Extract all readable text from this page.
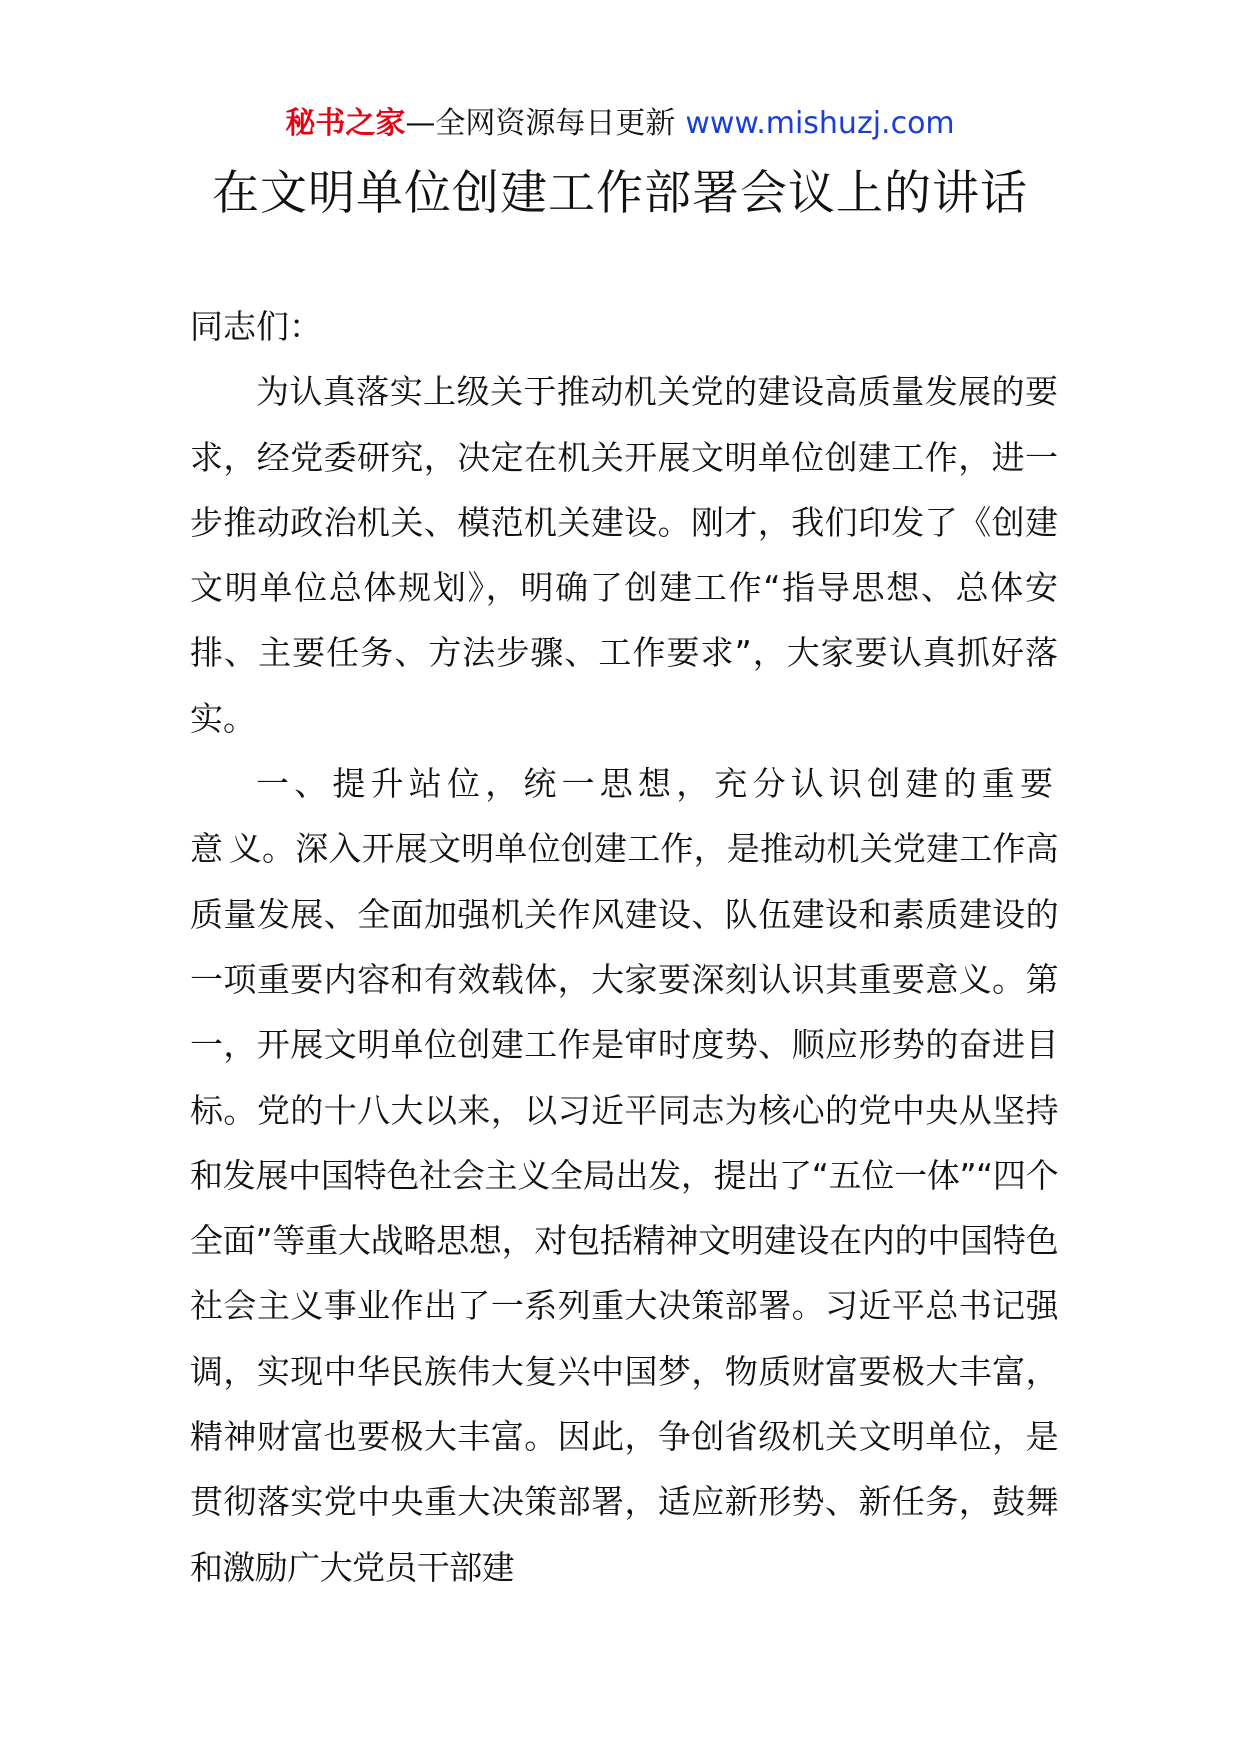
秘书之家—全网资源每日更新 www.mishuzj.com
在文明单位创建工作部署会议上的讲话

同志们：

为认真落实上级关于推动机关党的建设高质量发展的要求，经党委研究，决定在机关开展文明单位创建工作，进一步推动政治机关、模范机关建设。刚才，我们印发了《创建文明单位总体规划》，明确了创建工作“指导思想、总体安排、主要任务、方法步骤、工作要求”，大家要认真抓好落实。

一、提升站位，统一思想，充分认识创建的重要意义。深入开展文明单位创建工作，是推动机关党建工作高质量发展、全面加强机关作风建设、队伍建设和素质建设的一项重要内容和有效载体，大家要深刻认识其重要意义。第一，开展文明单位创建工作是审时度势、顺应形势的奋进目标。党的十八大以来，以习近平同志为核心的党中央从坚持和发展中国特色社会主义全局出发，提出了“五位一体”“四个全面”等重大战略思想，对包括精神文明建设在内的中国特色社会主义事业作出了一系列重大决策部署。习近平总书记强调，实现中华民族伟大复兴中国梦，物质财富要极大丰富，精神财富也要极大丰富。因此，争创省级机关文明单位，是贯彻落实党中央重大决策部署，适应新形势、新任务，鼓舞和激励广大党员干部建
